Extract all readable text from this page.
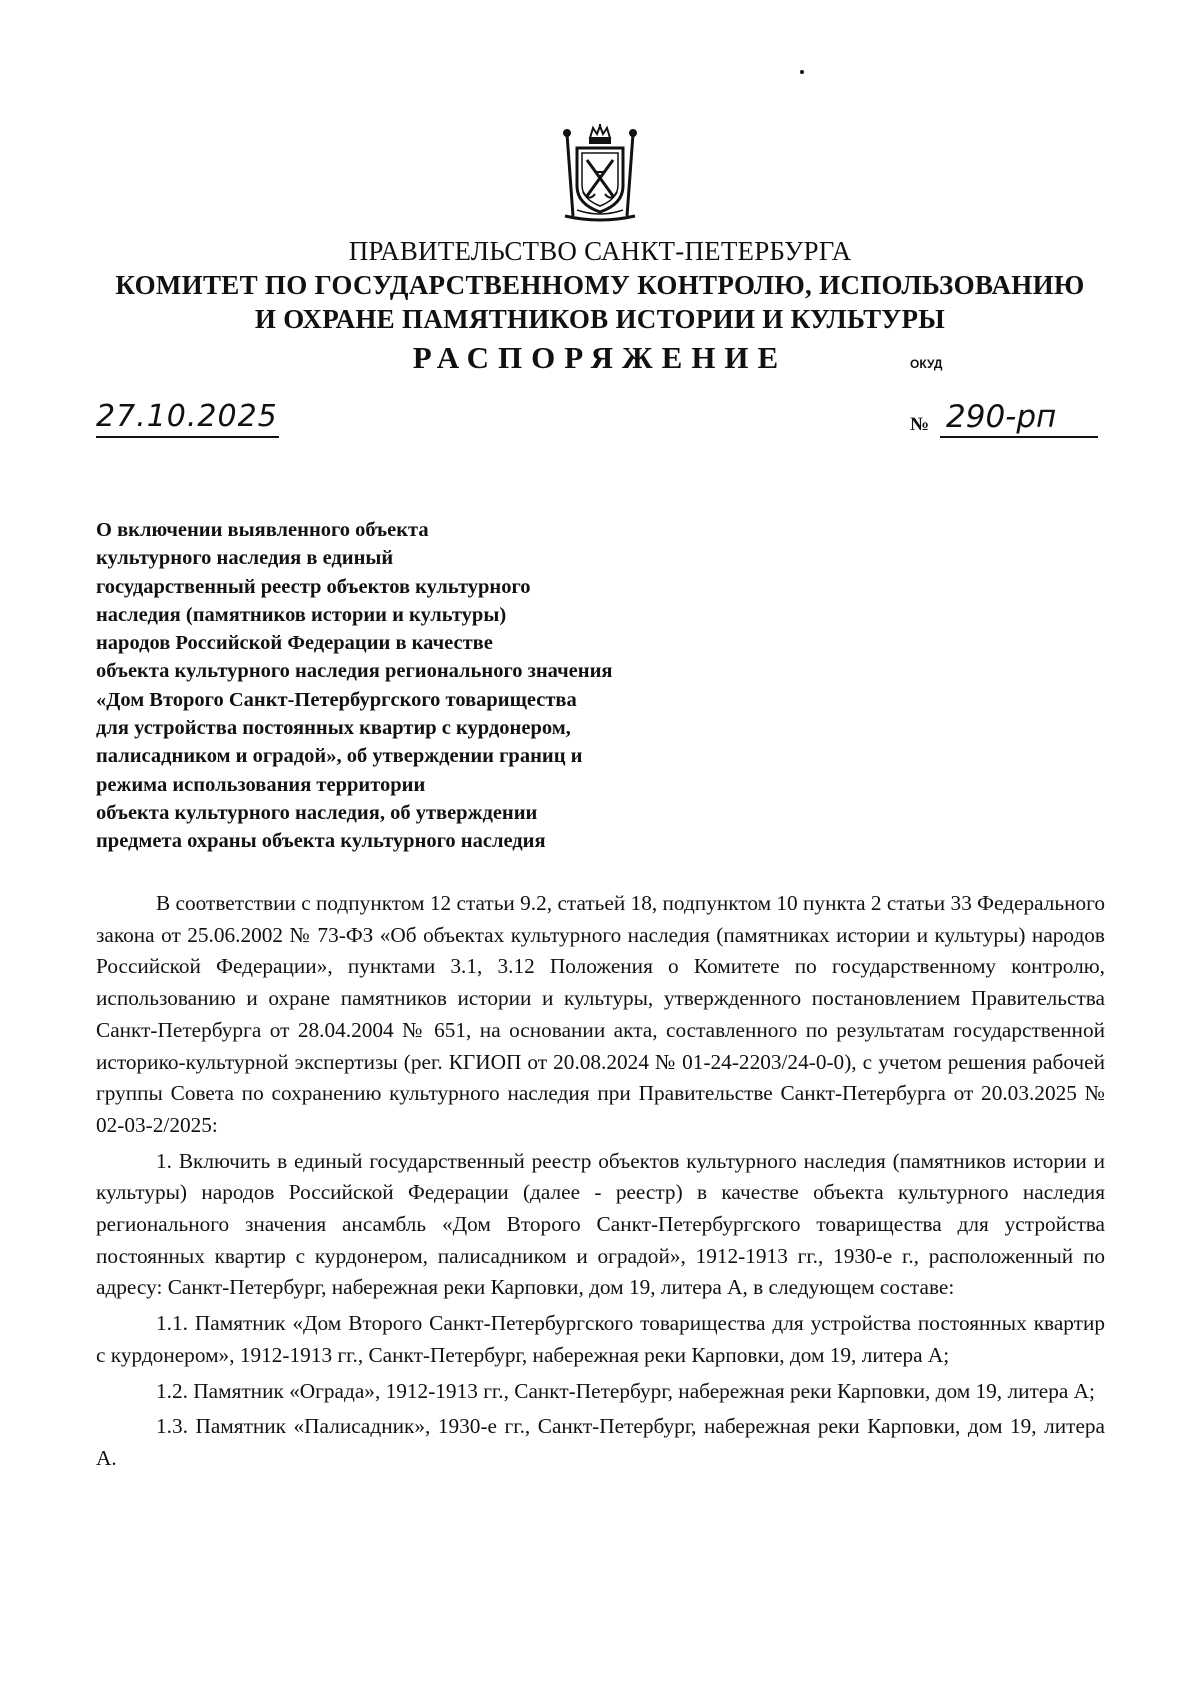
ПРАВИТЕЛЬСТВО САНКТ-ПЕТЕРБУРГА
КОМИТЕТ ПО ГОСУДАРСТВЕННОМУ КОНТРОЛЮ, ИСПОЛЬЗОВАНИЮ
И ОХРАНЕ ПАМЯТНИКОВ ИСТОРИИ И КУЛЬТУРЫ
РАСПОРЯЖЕНИЕ	ОКУД
27.10.2025	№ 290-рп
О включении выявленного объекта
культурного наследия в единый
государственный реестр объектов культурного
наследия (памятников истории и культуры)
народов Российской Федерации в качестве
объекта культурного наследия регионального значения
«Дом Второго Санкт-Петербургского товарищества
для устройства постоянных квартир с курдонером,
палисадником и оградой», об утверждении границ и
режима использования территории
объекта культурного наследия, об утверждении
предмета охраны объекта культурного наследия

В соответствии с подпунктом 12 статьи 9.2, статьей 18, подпунктом 10 пункта 2 статьи 33 Федерального закона от 25.06.2002 № 73-ФЗ «Об объектах культурного наследия (памятниках истории и культуры) народов Российской Федерации», пунктами 3.1, 3.12 Положения о Комитете по государственному контролю, использованию и охране памятников истории и культуры, утвержденного постановлением Правительства Санкт-Петербурга от 28.04.2004 № 651, на основании акта, составленного по результатам государственной историко-культурной экспертизы (рег. КГИОП от 20.08.2024 № 01-24-2203/24-0-0), с учетом решения рабочей группы Совета по сохранению культурного наследия при Правительстве Санкт-Петербурга от 20.03.2025 № 02-03-2/2025:

1. Включить в единый государственный реестр объектов культурного наследия (памятников истории и культуры) народов Российской Федерации (далее - реестр) в качестве объекта культурного наследия регионального значения ансамбль «Дом Второго Санкт-Петербургского товарищества для устройства постоянных квартир с курдонером, палисадником и оградой», 1912-1913 гг., 1930-е г., расположенный по адресу: Санкт-Петербург, набережная реки Карповки, дом 19, литера А, в следующем составе:

1.1. Памятник «Дом Второго Санкт-Петербургского товарищества для устройства постоянных квартир с курдонером», 1912-1913 гг., Санкт-Петербург, набережная реки Карповки, дом 19, литера А;

1.2. Памятник «Ограда», 1912-1913 гг., Санкт-Петербург, набережная реки Карповки, дом 19, литера А;

1.3. Памятник «Палисадник», 1930-е гг., Санкт-Петербург, набережная реки Карповки, дом 19, литера А.
